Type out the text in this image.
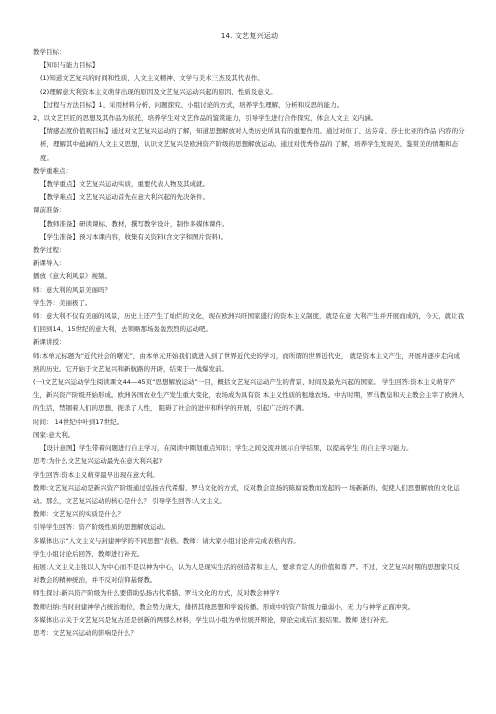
14. 文艺复兴运动

教学目标：

【知识与能力目标】

(1)知道文艺复兴的时间和性质、人文主义精神、文学与美术三杰及其代表作。

(2)理解意大利资本主义萌芽出现的原因及文艺复兴运动兴起的原因、性质及意义。

【过程与方法目标】1、采用材料分析、问题探究、小组讨论的方式，培养学生理解，分析和反思的能力。

2、以文艺巨匠的思想及其作品为依托，培养学生对文艺作品的鉴赏能力，引导学生进行合作探究，体会人文主 义内涵。

【情感态度价值观目标】通过对文艺复兴运动的了解，知道思想解放对人类历史所具有的重要作用。通过对但丁、达芬奇、莎士比亚的作品 内容的分析，理解其中蕴涵的人文主义思想，认识文艺复兴是欧洲资产阶级的思想解放运动。通过对优秀作品的 了解，培养学生发现美、鉴赏美的情趣和态度。

教学重难点：

【教学重点】文艺复兴运动实质，重要代表人物及其成就。

【教学难点】文艺复兴运动首先在意大利兴起的先决条件。

课前准备：

【教师准备】研读课标、教材，撰写教学设计，制作多媒体课件。

【学生准备】预习本课内容，收集有关资料(含文字和图片资料)。

教学过程：

新课导入：

播放《意大利风景》视频。

师：意大利的风景美丽吗？

学生答：美丽极了。

师：意大利不仅有美丽的风景，历史上还产生了灿烂的文化，现在欧洲兴旺国家盛行的资本主义制度，就是在意 大利产生并开展而成的，今天，就让我们回到14、15世纪的意大利，去领略那场轰轰烈烈的运动吧。

新课讲授：

师:本单元标题为“近代社会的曙光”，由本单元开始我们就进入到了世界近代史的学习，而所谓的世界近代史， 就是资本主义产生，开展并逐步走向成熟的历史。它开始于文艺复兴和新航路的开辟，结束于一战爆发前。

(一)文艺复兴运动学生阅读课文44—45页“思想解放运动”一目，概括文艺复兴运动产生的背景、时间及最先兴起的国家。 学生回答:资本主义萌芽产生，新兴资产阶级开始形成。欧洲各国农业生产发生重大变化，农场成为具有资 本主义性质的租地农场。中古时期，罗马教皇和天主教会主宰了欧洲人的生活，禁锢着人们的思想，扼杀了人性， 阻碍了社会的进步和科学的开展，引起广泛的不满。

时间： 14世纪中叶到17世纪。

国家:意大利。

【设计意图】学生带着问题进行自主学习，在阅读中圈划重点知识；学生之间交流并展示自学结果，以提高学生 的自主学习能力。

思考:为什么文艺复兴运动最先在意大利兴起?

学生回答:资本主义萌芽最早出现在意大利。

教师:文艺复兴运动是新兴资产阶级通过弘扬古代希腊、罗马文化的方式，反对教会宣扬的陈腐说教而发起的一 场新新的、促使人们思想解放的文化运动。那么，文艺复兴运动的核心是什么？ 引导学生回答:人文主义。

教师：文艺复兴的实质是什么？

引导学生回答：资产阶级性质的思想解放运动。

多媒体出示“人文主义与封建神学的不同思想”表格。教师：请大家小组讨论并完成表格内容。

学生小组讨论后回答，教师进行补充。

拓展:人文主义主张以人为中心而不是以神为中心，认为人是现实生活的创造者和主人，要求肯定人的价值和尊 严。不过，文艺复兴时期的思想家只反对教会的精神统治，并不反对信仰基督教。

师生探讨:新兴资产阶级为什么要借助弘扬古代希腊、罗马文化的方式，反对教会神学?

教师归纳:当时封建神学占统治地位，教会势力庞大，排挤其他思想和学说传播。形成中的资产阶级力量弱小，无 力与神学正面冲突。

多媒体出示关于文艺复兴是复古还是创新的两那么材料，学生以小组为单位展开辩论，辩论完成后汇报结果。教师 进行补充。

思考：文艺复兴运动的影响是什么？
